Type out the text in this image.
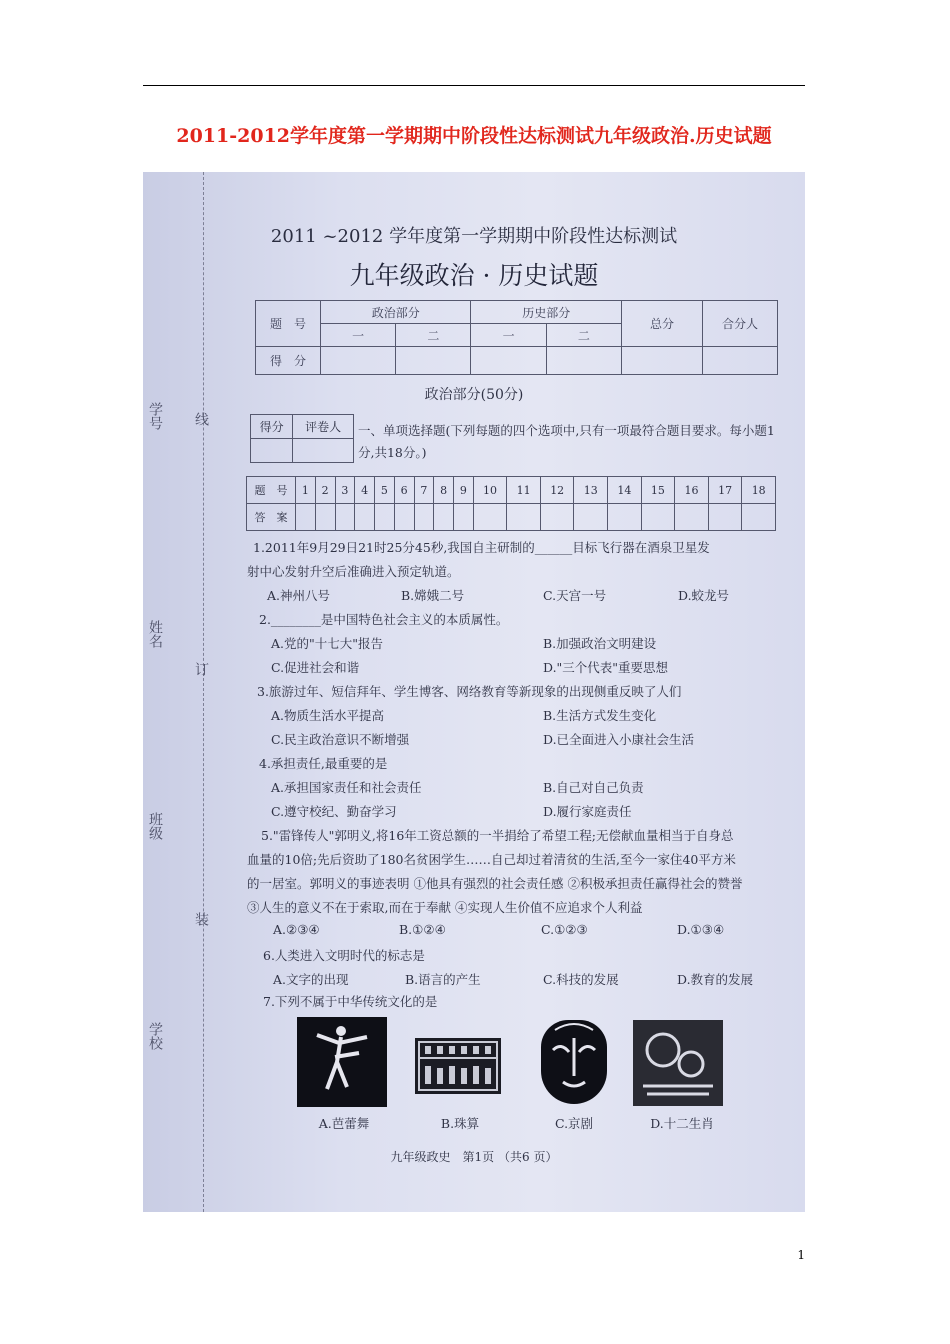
2011-2012学年度第一学期期中阶段性达标测试九年级政治.历史试题
学号 线
姓名
订
班级
装
学校
2011 ~2012 学年度第一学期期中阶段性达标测试
九年级政治 · 历史试题
题　号	政治部分		历史部分		总分	合分人
	一	二	一	二		
得　分						
政治部分(50分)
得分	评卷人
	一、单项选择题(下列每题的四个选项中,只有一项最符合题目要求。每小题1分,共18分。)
题　号	1	2	3	4	5	6	7	8	9	10	11	12	13	14	15	16	17	18
答　案																		
1.2011年9月29日21时25分45秒,我国自主研制的______目标飞行器在酒泉卫星发
射中心发射升空后准确进入预定轨道。
A.神州八号	B.嫦娥二号	C.天宫一号	D.蛟龙号
2.________是中国特色社会主义的本质属性。
A.党的"十七大"报告	B.加强政治文明建设
C.促进社会和谐	D."三个代表"重要思想
3.旅游过年、短信拜年、学生博客、网络教育等新现象的出现侧重反映了人们
A.物质生活水平提高	B.生活方式发生变化
C.民主政治意识不断增强	D.已全面进入小康社会生活
4.承担责任,最重要的是
A.承担国家责任和社会责任	B.自己对自己负责
C.遵守校纪、勤奋学习	D.履行家庭责任
5."雷锋传人"郭明义,将16年工资总额的一半捐给了希望工程;无偿献血量相当于自身总
血量的10倍;先后资助了180名贫困学生……自己却过着清贫的生活,至今一家住40平方米
的一居室。郭明义的事迹表明 ①他具有强烈的社会责任感 ②积极承担责任赢得社会的赞誉
③人生的意义不在于索取,而在于奉献 ④实现人生价值不应追求个人利益
A.②③④	B.①②④	C.①②③	D.①③④
6.人类进入文明时代的标志是
A.文字的出现	B.语言的产生	C.科技的发展	D.教育的发展
7.下列不属于中华传统文化的是
A.芭蕾舞	B.珠算	C.京剧	D.十二生肖
九年级政史　第1页 （共6 页）
1
